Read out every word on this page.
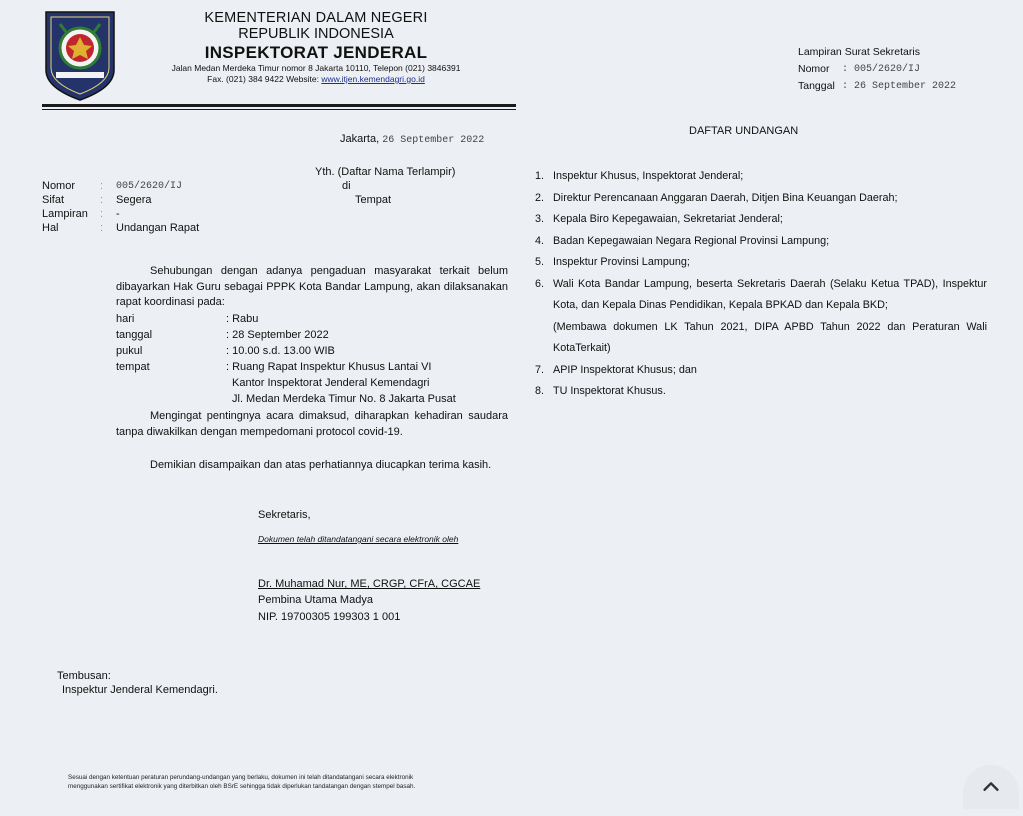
KEMENTERIAN DALAM NEGERI
REPUBLIK INDONESIA
INSPEKTORAT JENDERAL
Jalan Medan Merdeka Timur nomor 8 Jakarta 10110, Telepon (021) 3846391
Fax. (021) 384 9422 Website: www.itjen.kemendagri.go.id
Jakarta, 26 September 2022
Yth. (Daftar Nama Terlampir)
di
Tempat
Nomor : 005/2620/IJ
Sifat	: Segera
Lampiran : -
Hal	: Undangan Rapat
Sehubungan dengan adanya pengaduan masyarakat terkait belum dibayarkan Hak Guru sebagai PPPK Kota Bandar Lampung, akan dilaksanakan rapat koordinasi pada:
hari	: Rabu
tanggal	: 28 September 2022
pukul	: 10.00 s.d. 13.00 WIB
tempat	: Ruang Rapat Inspektur Khusus Lantai VI
Kantor Inspektorat Jenderal Kemendagri
Jl. Medan Merdeka Timur No. 8 Jakarta Pusat
Mengingat pentingnya acara dimaksud, diharapkan kehadiran saudara tanpa diwakilkan dengan mempedomani protocol covid-19.
Demikian disampaikan dan atas perhatiannya diucapkan terima kasih.
Sekretaris,
Dokumen telah ditandatangani secara elektronik oleh
Dr. Muhamad Nur, ME, CRGP, CFrA, CGCAE
Pembina Utama Madya
NIP. 19700305 199303 1 001
Tembusan:
Inspektur Jenderal Kemendagri.
Sesuai dengan ketentuan peraturan perundang-undangan yang berlaku, dokumen ini telah ditandatangani secara elektronik
menggunakan sertifikat elektronik yang diterbitkan oleh BSrE sehingga tidak diperlukan tandatangan dengan stempel basah.
Lampiran Surat Sekretaris
Nomor : 005/2620/IJ
Tanggal : 26 September 2022
DAFTAR UNDANGAN
1. Inspektur Khusus, Inspektorat Jenderal;
2. Direktur Perencanaan Anggaran Daerah, Ditjen Bina Keuangan Daerah;
3. Kepala Biro Kepegawaian, Sekretariat Jenderal;
4. Badan Kepegawaian Negara Regional Provinsi Lampung;
5. Inspektur Provinsi Lampung;
6. Wali Kota Bandar Lampung, beserta Sekretaris Daerah (Selaku Ketua TPAD), Inspektur Kota, dan Kepala Dinas Pendidikan, Kepala BPKAD dan Kepala BKD;
(Membawa dokumen LK Tahun 2021, DIPA APBD Tahun 2022 dan Peraturan Wali KotaTerkait)
7. APIP Inspektorat Khusus; dan
8. TU Inspektorat Khusus.
